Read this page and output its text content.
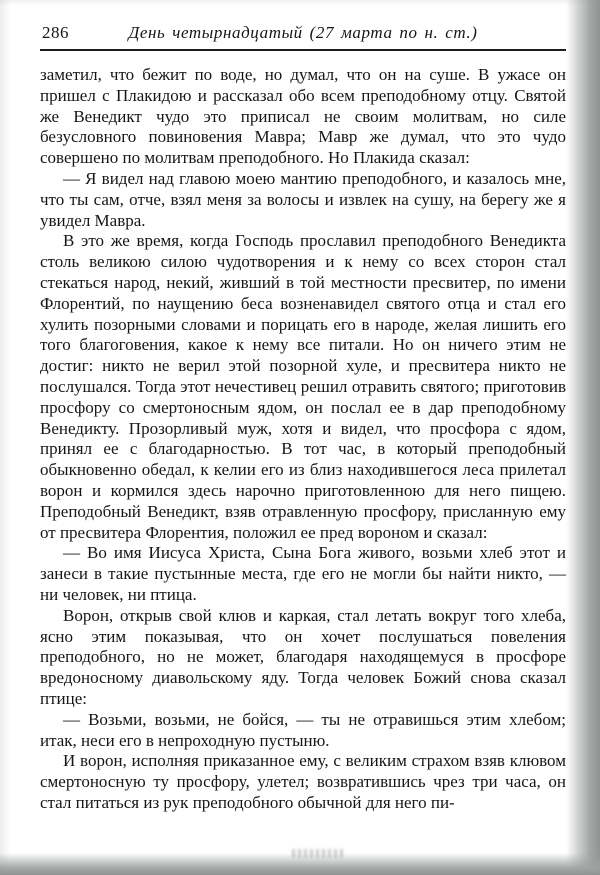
286	День четырнадцатый (27 марта по н. ст.)

заметил, что бежит по воде, но думал, что он на суше. В ужасе он пришел с Плакидою и рассказал обо всем преподобному отцу. Святой же Венедикт чудо это приписал не своим молитвам, но силе безусловного повиновения Мавра; Мавр же думал, что это чудо совершено по молитвам преподобного. Но Плакида сказал:

— Я видел над главою моею мантию преподобного, и казалось мне, что ты сам, отче, взял меня за волосы и извлек на сушу, на берегу же я увидел Мавра.

В это же время, когда Господь прославил преподобного Венедикта столь великою силою чудотворения и к нему со всех сторон стал стекаться народ, некий, живший в той местности пресвитер, по имени Флорентий, по наущению беса возненавидел святого отца и стал его хулить позорными словами и порицать его в народе, желая лишить его того благоговения, какое к нему все питали. Но он ничего этим не достиг: никто не верил этой позорной хуле, и пресвитера никто не послушался. Тогда этот нечестивец решил отравить святого; приготовив просфору со смертоносным ядом, он послал ее в дар преподобному Венедикту. Прозорливый муж, хотя и видел, что просфора с ядом, принял ее с благодарностью. В тот час, в который преподобный обыкновенно обедал, к келии его из близ находившегося леса прилетал ворон и кормился здесь нарочно приготовленною для него пищею. Преподобный Венедикт, взяв отравленную просфору, присланную ему от пресвитера Флорентия, положил ее пред вороном и сказал:

— Во имя Иисуса Христа, Сына Бога живого, возьми хлеб этот и занеси в такие пустынные места, где его не могли бы найти никто, — ни человек, ни птица.

Ворон, открыв свой клюв и каркая, стал летать вокруг того хлеба, ясно этим показывая, что он хочет послушаться повеления преподобного, но не может, благодаря находящемуся в просфоре вредоносному диавольскому яду. Тогда человек Божий снова сказал птице:

— Возьми, возьми, не бойся, — ты не отравишься этим хлебом; итак, неси его в непроходную пустыню.

И ворон, исполняя приказанное ему, с великим страхом взяв клювом смертоносную ту просфору, улетел; возвратившись чрез три часа, он стал питаться из рук преподобного обычной для него пи-
